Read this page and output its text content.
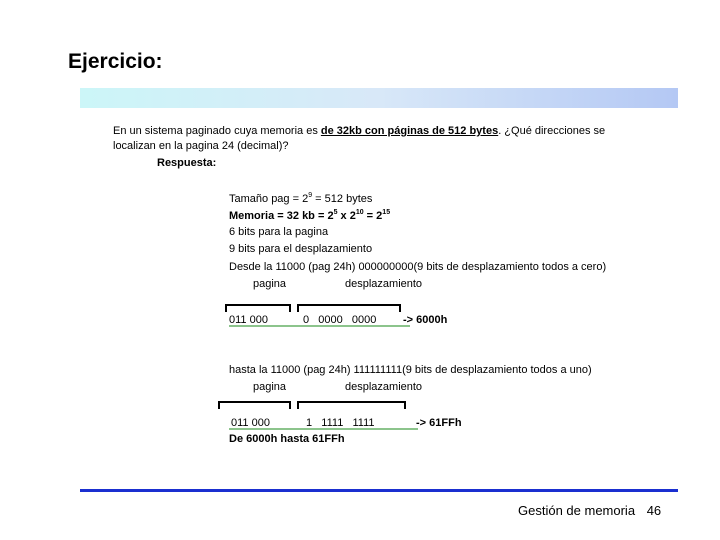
Ejercicio:
En un sistema paginado cuya memoria es de 32kb con páginas de 512 bytes. ¿Qué direcciones se
localizan en la pagina 24 (decimal)?
Respuesta:
Tamaño pag = $2^9 = 512$ bytes
Memoria = 32 kb = $2^5$ x $2^{10} = 2^{15}$
6 bits para la pagina
9 bits para el desplazamiento
Desde la 11000 (pag 24h) 000000000(9 bits de desplazamiento todos a cero)
pagina	desplazamiento
011 000	0   0000   0000 -> 6000h
hasta la 11000 (pag 24h) 111111111(9 bits de desplazamiento todos a uno)
pagina	desplazamiento
011 000	1   1111   1111	-> 61FFh
De 6000h hasta 61FFh
Gestión de memoria 46
